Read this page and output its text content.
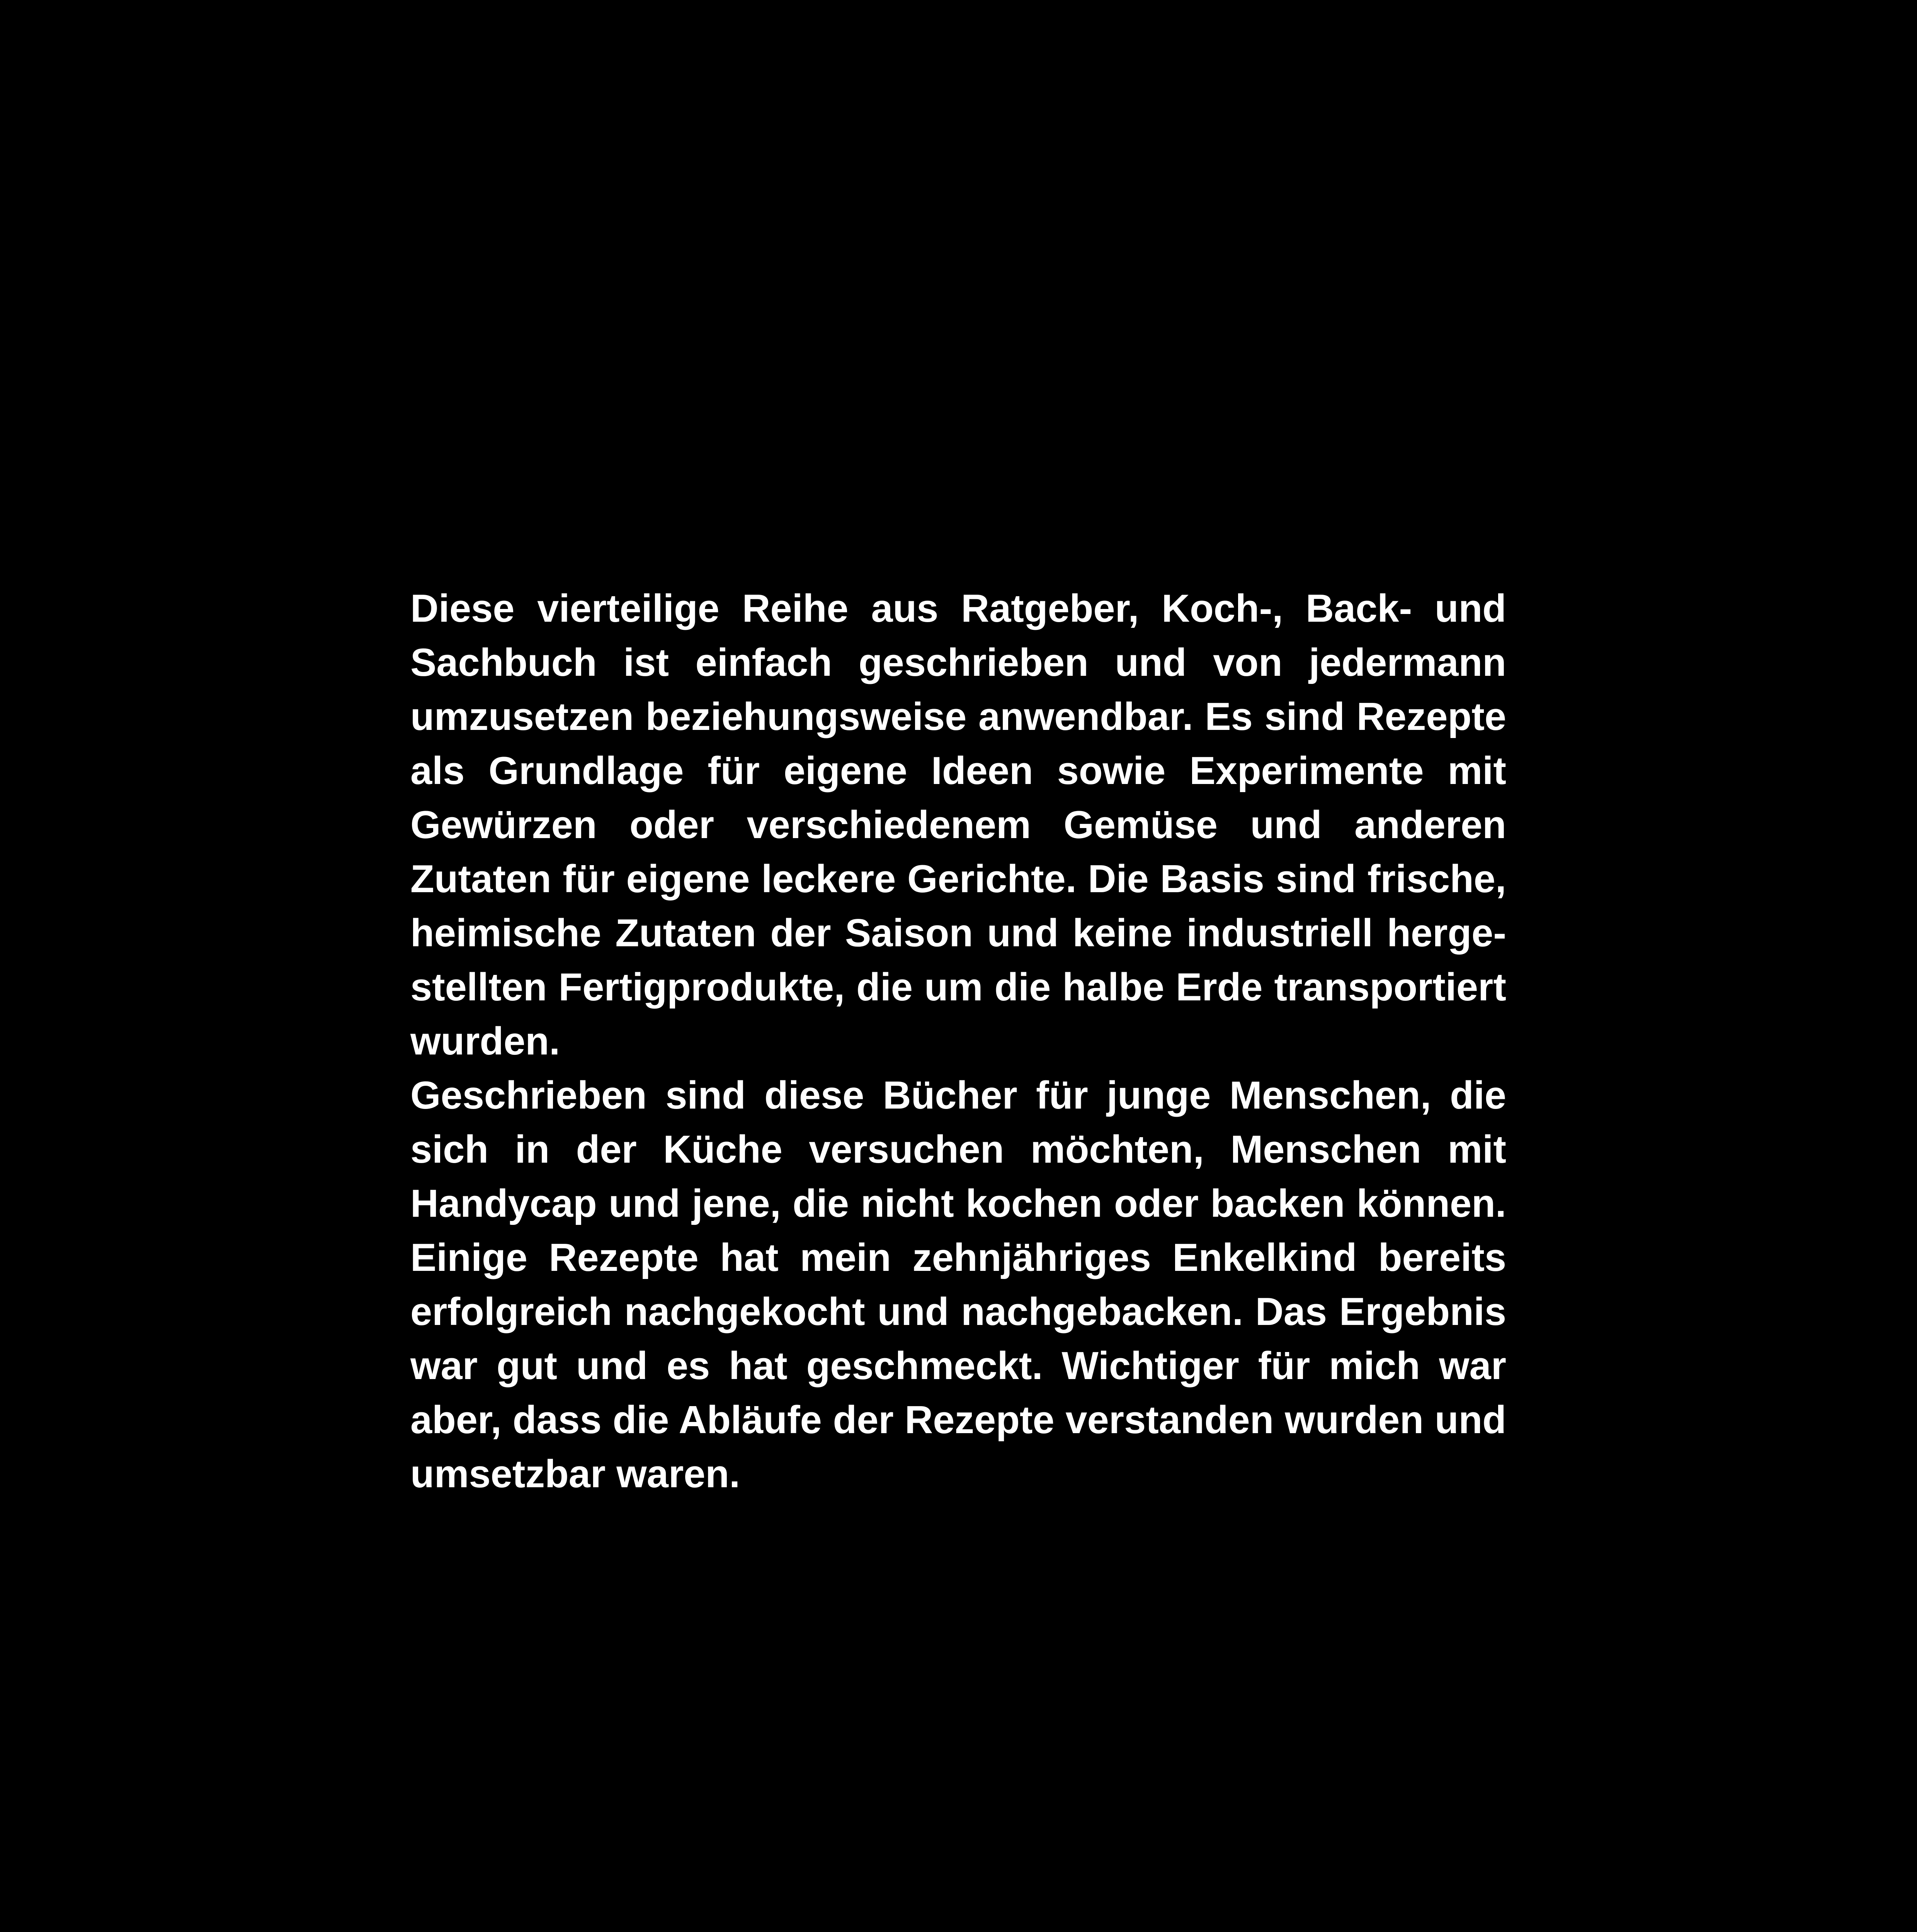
Diese vierteilige Reihe aus Ratgeber, Koch-, Back- und Sachbuch ist einfach geschrieben und von jedermann umzusetzen beziehungsweise anwendbar. Es sind Rezepte als Grundlage für eigene Ideen sowie Experimente mit Gewürzen oder verschiedenem Gemüse und anderen Zutaten für eigene leckere Gerichte. Die Basis sind frische, heimische Zutaten der Saison und keine industriell hergestellten Fertigprodukte, die um die halbe Erde transportiert wurden.

Geschrieben sind diese Bücher für junge Menschen, die sich in der Küche versuchen möchten, Menschen mit Handycap und jene, die nicht kochen oder backen können. Einige Rezepte hat mein zehnjähriges Enkelkind bereits erfolgreich nachgekocht und nachgebacken. Das Ergebnis war gut und es hat geschmeckt. Wichtiger für mich war aber, dass die Abläufe der Rezepte verstanden wurden und umsetzbar waren.
